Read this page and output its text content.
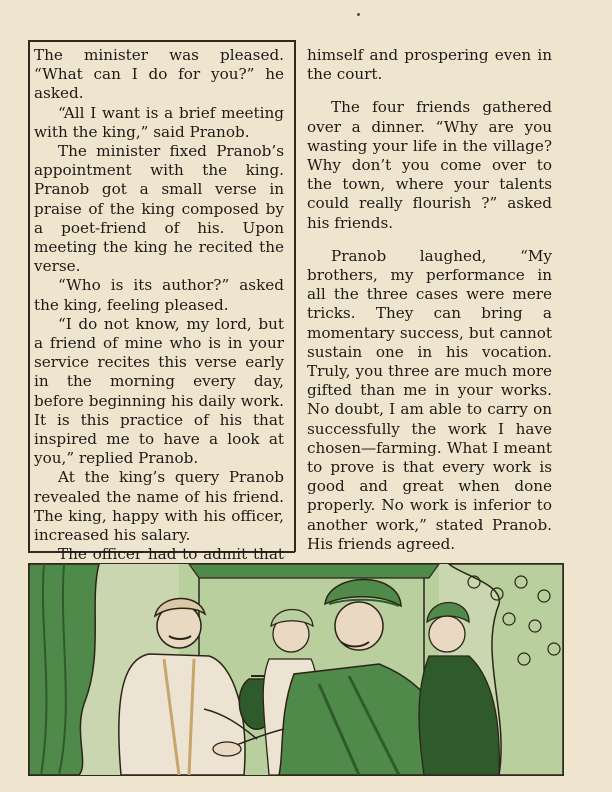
The minister was pleased. “What can I do for you?” he asked.

“All I want is a brief meeting with the king,” said Pranob.

The minister fixed Pranob’s appointment with the king. Pranob got a small verse in praise of the king composed by a poet-friend of his. Upon meeting the king he recited the verse.

“Who is its author?” asked the king, feeling pleased.

“I do not know, my lord, but a friend of mine who is in your service recites this verse early in the morning every day, before beginning his daily work. It is this practice of his that inspired me to have a look at you,” replied Pranob.

At the king’s query Pranob revealed the name of his friend. The king, happy with his officer, increased his salary.

The officer had to admit that

himself and prospering even in the court.

The four friends gathered over a dinner. “Why are you wasting your life in the village? Why don’t you come over to the town, where your talents could really flourish ?” asked his friends.

Pranob laughed, “My brothers, my performance in all the three cases were mere tricks. They can bring a momentary success, but cannot sustain one in his vocation. Truly, you three are much more gifted than me in your works. No doubt, I am able to carry on successfully the work I have chosen—farming. What I meant to prove is that every work is good and great when done properly. No work is inferior to another work,” stated Pranob. His friends agreed.
